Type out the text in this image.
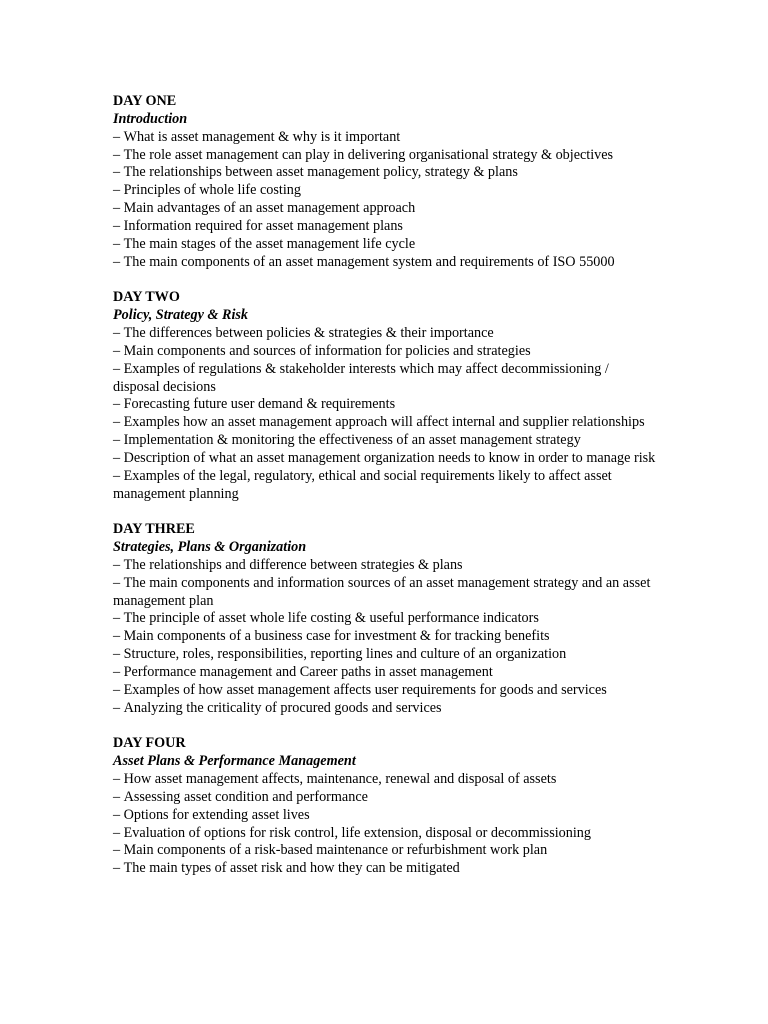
DAY ONE
Introduction
– What is asset management & why is it important
– The role asset management can play in delivering organisational strategy & objectives
– The relationships between asset management policy, strategy & plans
– Principles of whole life costing
– Main advantages of an asset management approach
– Information required for asset management plans
– The main stages of the asset management life cycle
– The main components of an asset management system and requirements of ISO 55000
DAY TWO
Policy, Strategy & Risk
– The differences between policies & strategies & their importance
– Main components and sources of information for policies and strategies
– Examples of regulations & stakeholder interests which may affect decommissioning / disposal decisions
– Forecasting future user demand & requirements
– Examples how an asset management approach will affect internal and supplier relationships
– Implementation & monitoring the effectiveness of an asset management strategy
– Description of what an asset management organization needs to know in order to manage risk
– Examples of the legal, regulatory, ethical and social requirements likely to affect asset management planning
DAY THREE
Strategies, Plans & Organization
– The relationships and difference between strategies & plans
– The main components and information sources of an asset management strategy and an asset management plan
– The principle of asset whole life costing & useful performance indicators
– Main components of a business case for investment & for tracking benefits
– Structure, roles, responsibilities, reporting lines and culture of an organization
– Performance management and Career paths in asset management
– Examples of how asset management affects user requirements for goods and services
– Analyzing the criticality of procured goods and services
DAY FOUR
Asset Plans & Performance Management
– How asset management affects, maintenance, renewal and disposal of assets
– Assessing asset condition and performance
– Options for extending asset lives
– Evaluation of options for risk control, life extension, disposal or decommissioning
– Main components of a risk-based maintenance or refurbishment work plan
– The main types of asset risk and how they can be mitigated
